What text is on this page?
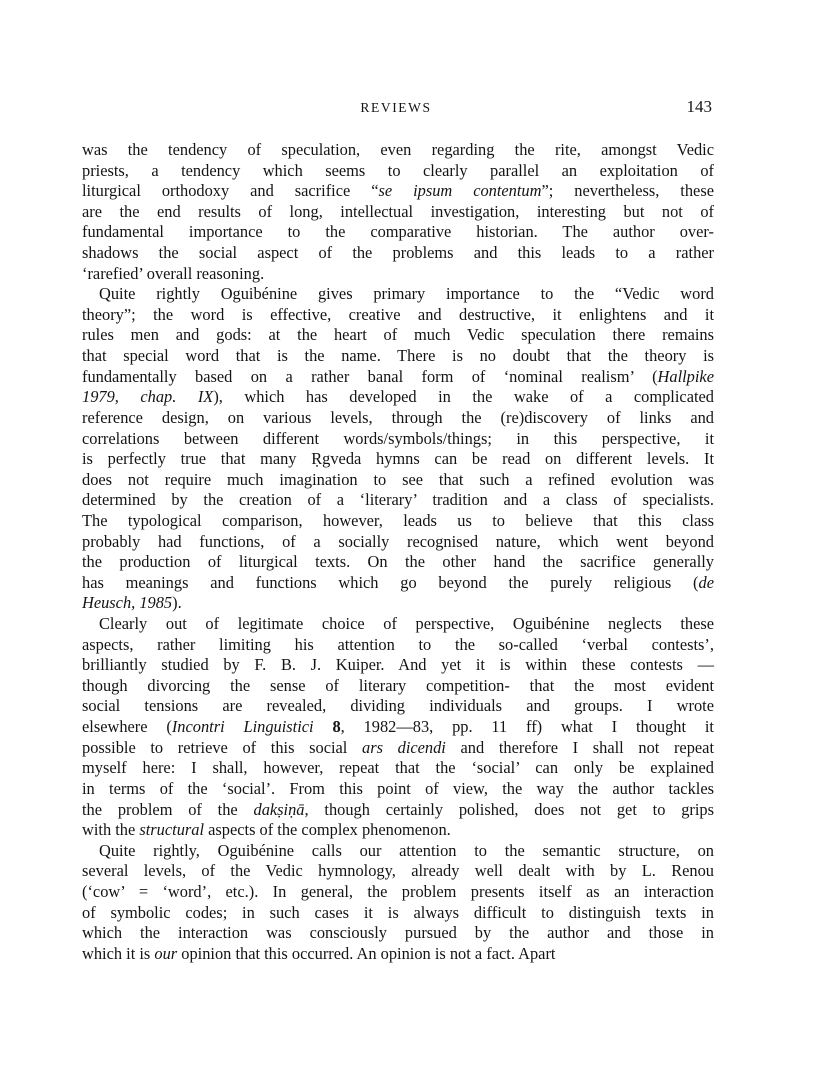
REVIEWS	143
was the tendency of speculation, even regarding the rite, amongst Vedic
priests, a tendency which seems to clearly parallel an exploitation of
liturgical orthodoxy and sacrifice “se ipsum contentum”; nevertheless, these
are the end results of long, intellectual investigation, interesting but not of
fundamental importance to the comparative historian. The author over-
shadows the social aspect of the problems and this leads to a rather
‘rarefied’ overall reasoning.
Quite rightly Oguibénine gives primary importance to the “Vedic word
theory”; the word is effective, creative and destructive, it enlightens and it
rules men and gods: at the heart of much Vedic speculation there remains
that special word that is the name. There is no doubt that the theory is
fundamentally based on a rather banal form of ‘nominal realism’ (Hallpike
1979, chap. IX), which has developed in the wake of a complicated
reference design, on various levels, through the (re)discovery of links and
correlations between different words/symbols/things; in this perspective, it
is perfectly true that many Ṛgveda hymns can be read on different levels. It
does not require much imagination to see that such a refined evolution was
determined by the creation of a ‘literary’ tradition and a class of specialists.
The typological comparison, however, leads us to believe that this class
probably had functions, of a socially recognised nature, which went beyond
the production of liturgical texts. On the other hand the sacrifice generally
has meanings and functions which go beyond the purely religious (de
Heusch, 1985).
Clearly out of legitimate choice of perspective, Oguibénine neglects these
aspects, rather limiting his attention to the so-called ‘verbal contests’,
brilliantly studied by F. B. J. Kuiper. And yet it is within these contests —
though divorcing the sense of literary competition- that the most evident
social tensions are revealed, dividing individuals and groups. I wrote
elsewhere (Incontri Linguistici 8, 1982—83, pp. 11 ff) what I thought it
possible to retrieve of this social ars dicendi and therefore I shall not repeat
myself here: I shall, however, repeat that the ‘social’ can only be explained
in terms of the ‘social’. From this point of view, the way the author tackles
the problem of the dakṣiṇā, though certainly polished, does not get to grips
with the structural aspects of the complex phenomenon.
Quite rightly, Oguibénine calls our attention to the semantic structure, on
several levels, of the Vedic hymnology, already well dealt with by L. Renou
(‘cow’ = ‘word’, etc.). In general, the problem presents itself as an interaction
of symbolic codes; in such cases it is always difficult to distinguish texts in
which the interaction was consciously pursued by the author and those in
which it is our opinion that this occurred. An opinion is not a fact. Apart
